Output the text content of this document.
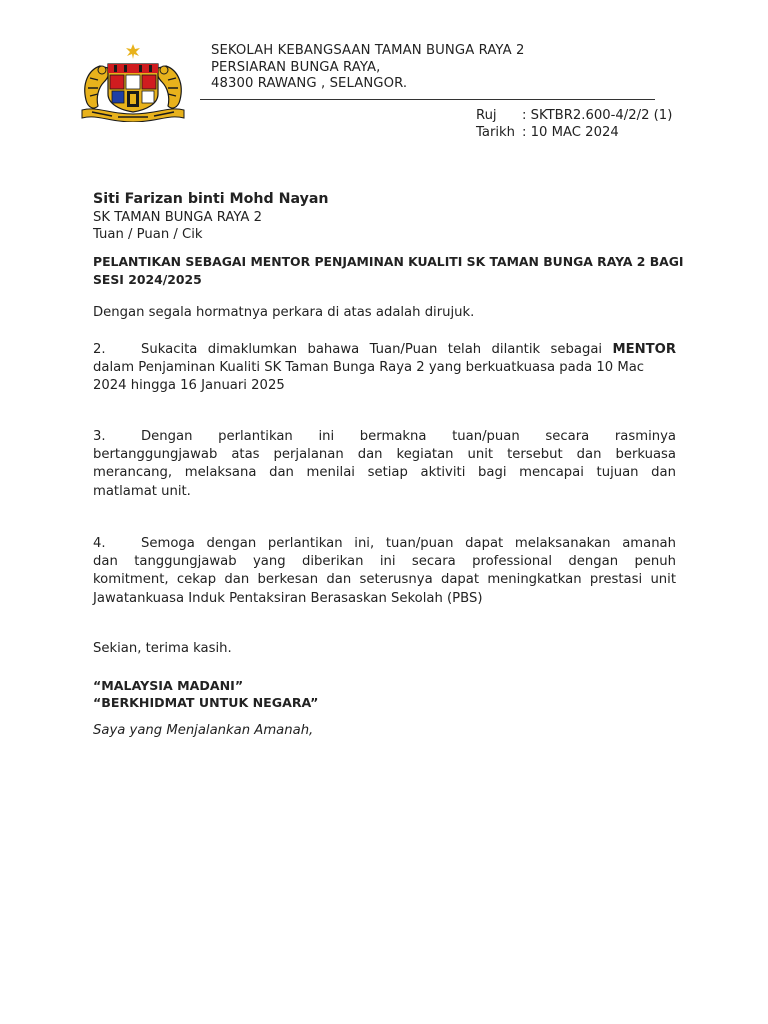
SEKOLAH KEBANGSAAN TAMAN BUNGA RAYA 2
PERSIARAN BUNGA RAYA,
48300 RAWANG , SELANGOR.
Ruj	: SKTBR2.600-4/2/2 (1)
Tarikh : 10 MAC 2024
Siti Farizan binti Mohd Nayan
SK TAMAN BUNGA RAYA 2
Tuan / Puan / Cik
PELANTIKAN SEBAGAI MENTOR PENJAMINAN KUALITI SK TAMAN BUNGA RAYA 2 BAGI
SESI 2024/2025
Dengan segala hormatnya perkara di atas adalah dirujuk.
2.	Sukacita dimaklumkan bahawa Tuan/Puan telah dilantik sebagai MENTOR
dalam Penjaminan Kualiti SK Taman Bunga Raya 2 yang berkuatkuasa pada 10 Mac
2024 hingga 16 Januari 2025
3.	Dengan perlantikan ini bermakna tuan/puan secara rasminya
bertanggungjawab atas perjalanan dan kegiatan unit tersebut dan berkuasa
merancang, melaksana dan menilai setiap aktiviti bagi mencapai tujuan dan
matlamat unit.
4.	Semoga dengan perlantikan ini, tuan/puan dapat melaksanakan amanah
dan tanggungjawab yang diberikan ini secara professional dengan penuh
komitment, cekap dan berkesan dan seterusnya dapat meningkatkan prestasi unit
Jawatankuasa Induk Pentaksiran Berasaskan Sekolah (PBS)
Sekian, terima kasih.
“MALAYSIA MADANI”
“BERKHIDMAT UNTUK NEGARA”
Saya yang Menjalankan Amanah,
